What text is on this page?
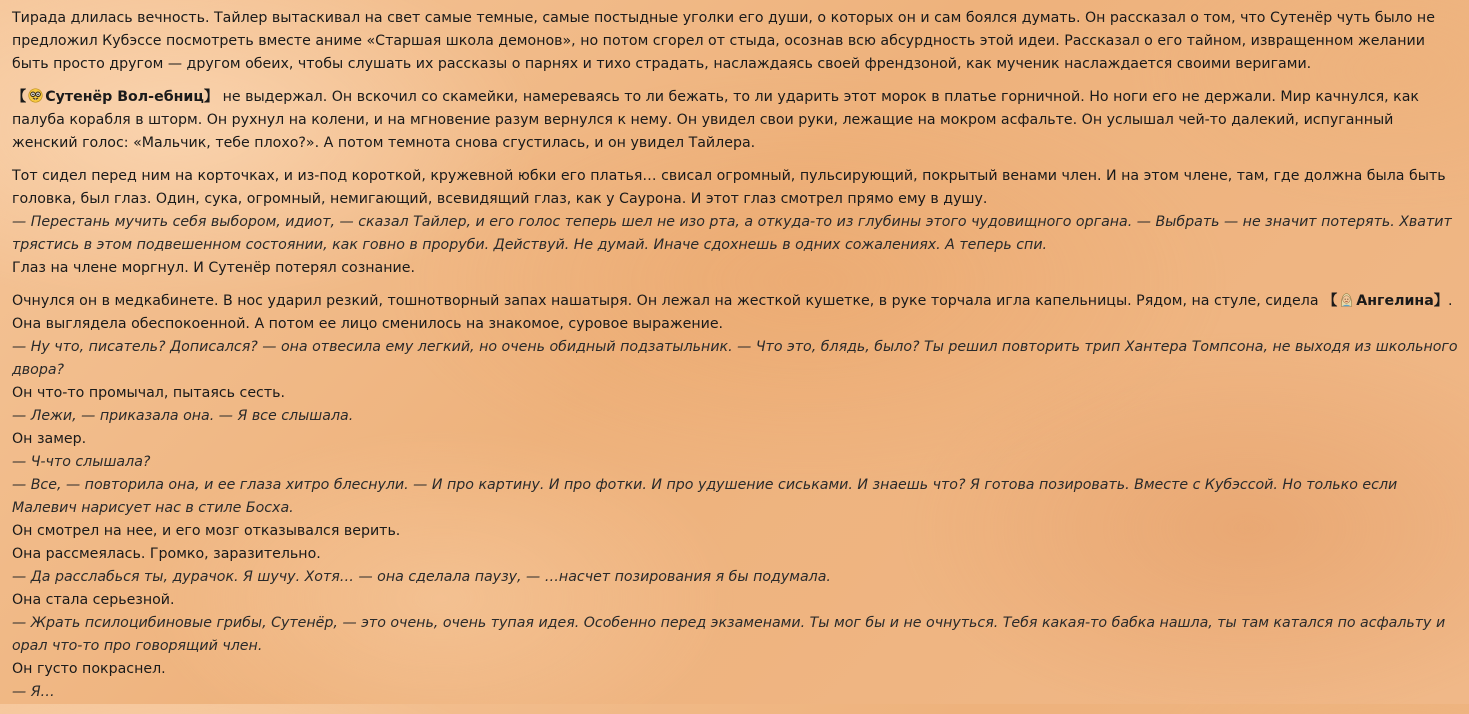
Тирада длилась вечность. Тайлер вытаскивал на свет самые темные, самые постыдные уголки его души, о которых он и сам боялся думать. Он рассказал о том, что Сутенёр чуть было не предложил Кубэссе посмотреть вместе аниме «Старшая школа демонов», но потом сгорел от стыда, осознав всю абсурдность этой идеи. Рассказал о его тайном, извращенном желании быть просто другом — другом обеих, чтобы слушать их рассказы о парнях и тихо страдать, наслаждаясь своей френдзоной, как мученик наслаждается своими веригами.

【 Сутенёр Вол-ебниц】 не выдержал. Он вскочил со скамейки, намереваясь то ли бежать, то ли ударить этот морок в платье горничной. Но ноги его не держали. Мир качнулся, как палуба корабля в шторм. Он рухнул на колени, и на мгновение разум вернулся к нему. Он увидел свои руки, лежащие на мокром асфальте. Он услышал чей-то далекий, испуганный женский голос: «Мальчик, тебе плохо?». А потом темнота снова сгустилась, и он увидел Тайлера.

Тот сидел перед ним на корточках, и из-под короткой, кружевной юбки его платья… свисал огромный, пульсирующий, покрытый венами член. И на этом члене, там, где должна была быть головка, был глаз. Один, сука, огромный, немигающий, всевидящий глаз, как у Саурона. И этот глаз смотрел прямо ему в душу.
— Перестань мучить себя выбором, идиот, — сказал Тайлер, и его голос теперь шел не изо рта, а откуда-то из глубины этого чудовищного органа. — Выбрать — не значит потерять. Хватит трястись в этом подвешенном состоянии, как говно в проруби. Действуй. Не думай. Иначе сдохнешь в одних сожалениях. А теперь спи.
Глаз на члене моргнул. И Сутенёр потерял сознание.

Очнулся он в медкабинете. В нос ударил резкий, тошнотворный запах нашатыря. Он лежал на жесткой кушетке, в руке торчала игла капельницы. Рядом, на стуле, сидела 【 Ангелина】. Она выглядела обеспокоенной. А потом ее лицо сменилось на знакомое, суровое выражение.
— Ну что, писатель? Дописался? — она отвесила ему легкий, но очень обидный подзатыльник. — Что это, блядь, было? Ты решил повторить трип Хантера Томпсона, не выходя из школьного двора?
Он что-то промычал, пытаясь сесть.
— Лежи, — приказала она. — Я все слышала.
Он замер.
— Ч-что слышала?
— Все, — повторила она, и ее глаза хитро блеснули. — И про картину. И про фотки. И про удушение сиськами. И знаешь что? Я готова позировать. Вместе с Кубэссой. Но только если Малевич нарисует нас в стиле Босха.
Он смотрел на нее, и его мозг отказывался верить.
Она рассмеялась. Громко, заразительно.
— Да расслабься ты, дурачок. Я шучу. Хотя… — она сделала паузу, — …насчет позирования я бы подумала.
Она стала серьезной.
— Жрать псилоцибиновые грибы, Сутенёр, — это очень, очень тупая идея. Особенно перед экзаменами. Ты мог бы и не очнуться. Тебя какая-то бабка нашла, ты там катался по асфальту и орал что-то про говорящий член.
Он густо покраснел.
— Я…
